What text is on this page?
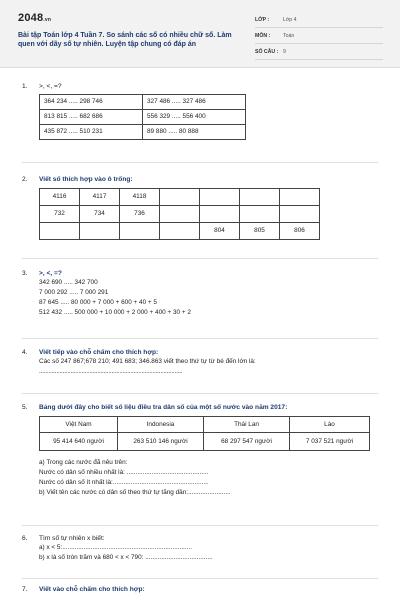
2048.vn
Bài tập Toán lớp 4 Tuần 7. So sánh các số có nhiều chữ số. Làm quen với dãy số tự nhiên. Luyện tập chung có đáp án
LỚP :	Lớp 4
MÔN :	Toán
SỐ CÂU : 9
1.	>, <, =?
364 234 ..... 298 746	327 486 ..... 327 486
813 815 ..... 682 686	556 329 ..... 556 400
435 872 ..... 510 231	89 880 ..... 80 888
2.	Viết số thích hợp vào ô trống:
4116	4117	4118				
732	734	736				
				804	805	806
3.	>, <, =?
342 690 ..... 342 700
7 000 292 ..... 7 000 291
87 645 ..... 80 000 + 7 000 + 600 + 40 + 5
512 432 ..... 500 000 + 10 000 + 2 000 + 400 + 30 + 2
4.	Viết tiếp vào chỗ chấm cho thích hợp:
Các số 247 867;678 210; 491 683; 346.863 viết theo thứ tự từ bé đến lớn là:
...........................................................................................
5.	Bảng dưới đây cho biết số liệu điều tra dân số của một số nước vào năm 2017:
Việt Nam	Indonesia	Thái Lan	Lào
95 414 640 người	263 510 146 người	68 297 547 người	7 037 521 người
a) Trong các nước đã nêu trên:
Nước có dân số nhiều nhất là: ..............................................
Nước có dân số ít nhất là:......................................................
b) Viết tên các nước có dân số theo thứ tự tăng dần:........................
6.	Tìm số tự nhiên x biết:
a) x < 5:.........................................................................
b) x là số tròn trăm và 680 < x < 790: ......................................
7.	Viết vào chỗ chấm cho thích hợp:
